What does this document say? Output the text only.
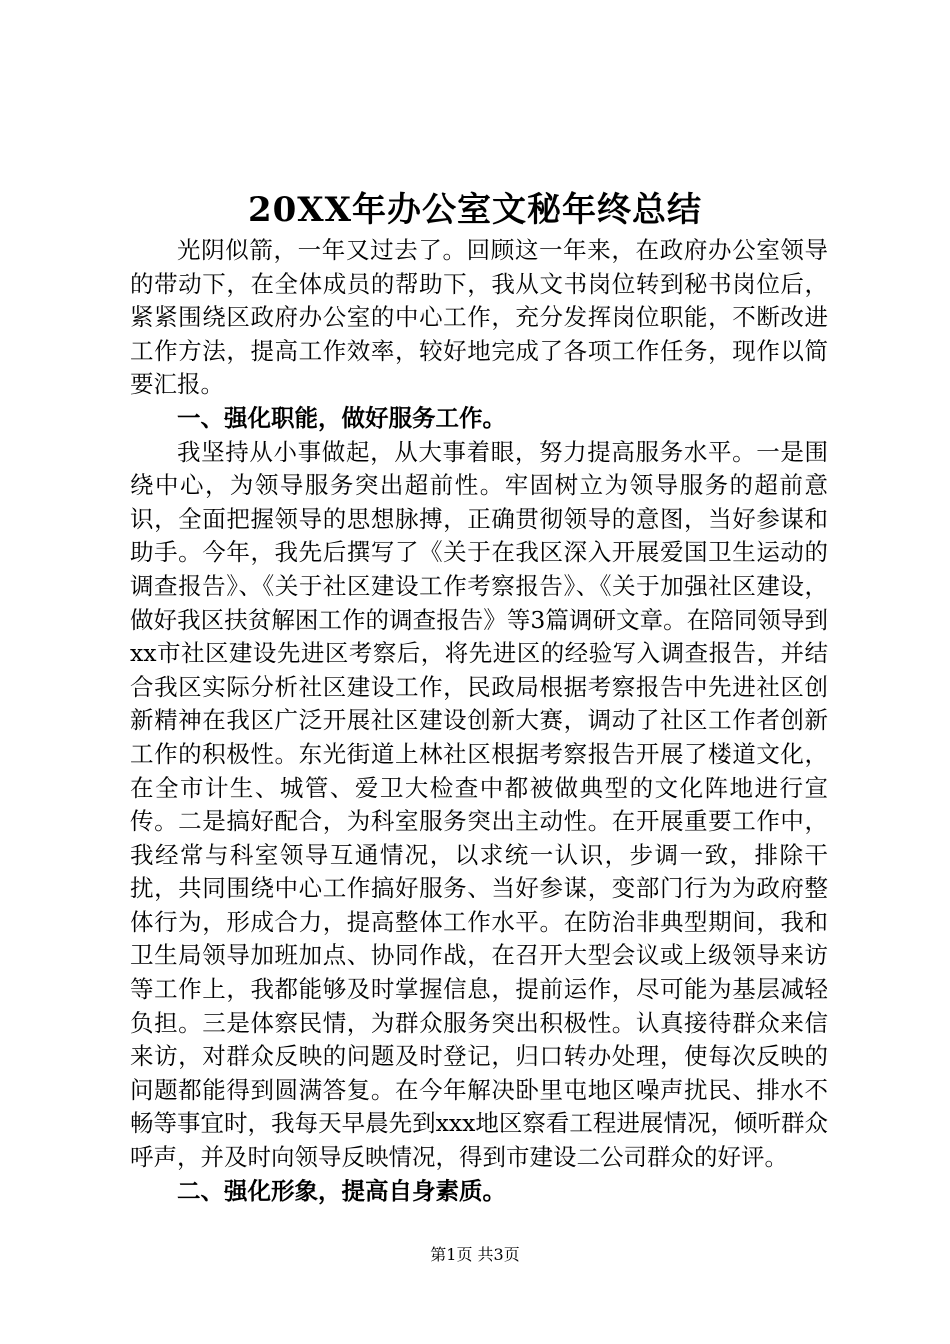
20XX年办公室文秘年终总结

光阴似箭，一年又过去了。回顾这一年来，在政府办公室领导的带动下，在全体成员的帮助下，我从文书岗位转到秘书岗位后，紧紧围绕区政府办公室的中心工作，充分发挥岗位职能，不断改进工作方法，提高工作效率，较好地完成了各项工作任务，现作以简要汇报。

一、强化职能，做好服务工作。

我坚持从小事做起，从大事着眼，努力提高服务水平。一是围绕中心，为领导服务突出超前性。牢固树立为领导服务的超前意识，全面把握领导的思想脉搏，正确贯彻领导的意图，当好参谋和助手。今年，我先后撰写了《关于在我区深入开展爱国卫生运动的调查报告》、《关于社区建设工作考察报告》、《关于加强社区建设，做好我区扶贫解困工作的调查报告》等3篇调研文章。在陪同领导到xx市社区建设先进区考察后，将先进区的经验写入调查报告，并结合我区实际分析社区建设工作，民政局根据考察报告中先进社区创新精神在我区广泛开展社区建设创新大赛，调动了社区工作者创新工作的积极性。东光街道上林社区根据考察报告开展了楼道文化，在全市计生、城管、爱卫大检查中都被做典型的文化阵地进行宣传。二是搞好配合，为科室服务突出主动性。在开展重要工作中，我经常与科室领导互通情况，以求统一认识，步调一致，排除干扰，共同围绕中心工作搞好服务、当好参谋，变部门行为为政府整体行为，形成合力，提高整体工作水平。在防治非典型期间，我和卫生局领导加班加点、协同作战，在召开大型会议或上级领导来访等工作上，我都能够及时掌握信息，提前运作，尽可能为基层减轻负担。三是体察民情，为群众服务突出积极性。认真接待群众来信来访，对群众反映的问题及时登记，归口转办处理，使每次反映的问题都能得到圆满答复。在今年解决卧里屯地区噪声扰民、排水不畅等事宜时，我每天早晨先到xxx地区察看工程进展情况，倾听群众呼声，并及时向领导反映情况，得到市建设二公司群众的好评。

二、强化形象，提高自身素质。

第1页 共3页
